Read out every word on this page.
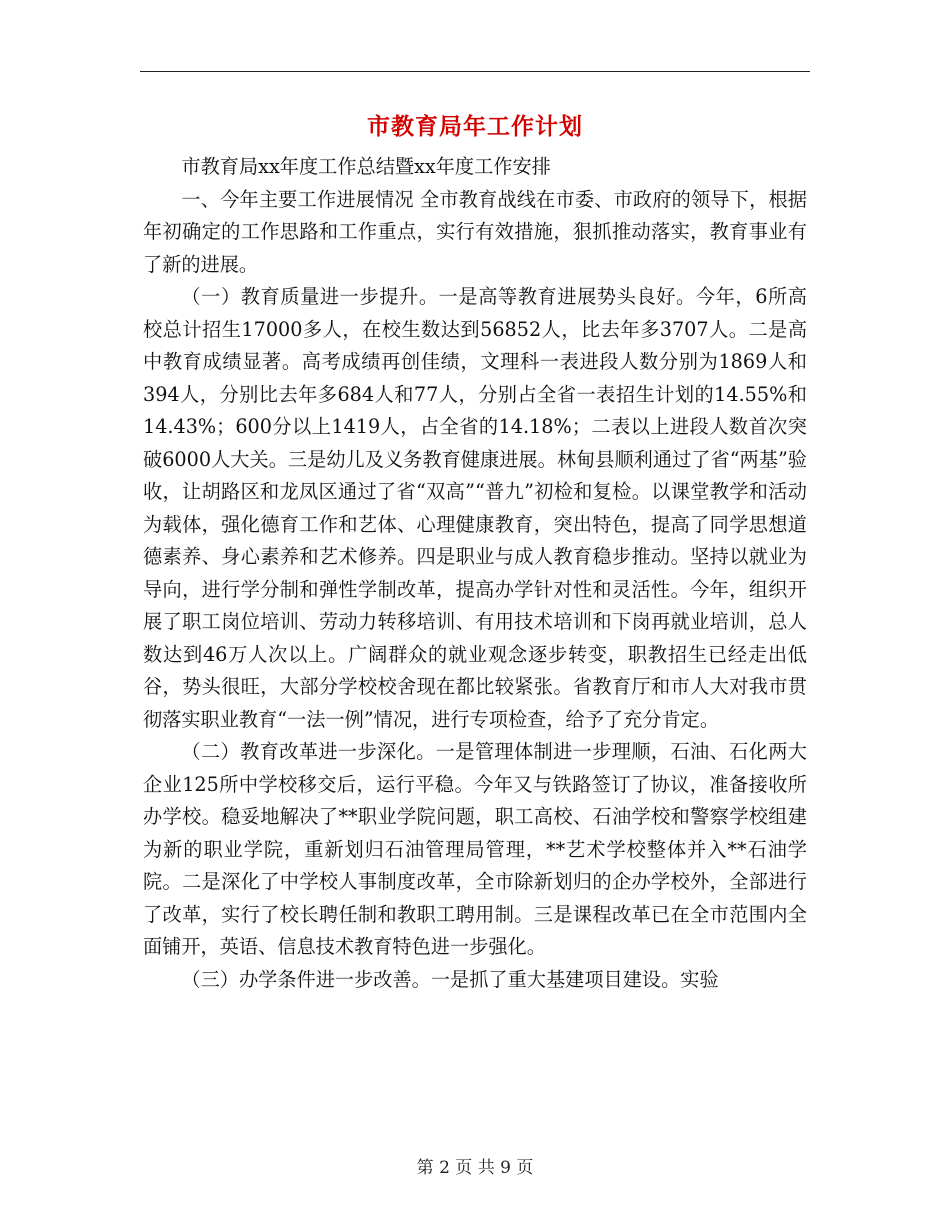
市教育局年工作计划

市教育局xx年度工作总结暨xx年度工作安排

一、今年主要工作进展情况 全市教育战线在市委、市政府的领导下，根据年初确定的工作思路和工作重点，实行有效措施，狠抓推动落实，教育事业有了新的进展。

（一）教育质量进一步提升。一是高等教育进展势头良好。今年，6所高校总计招生17000多人，在校生数达到56852人，比去年多3707人。二是高中教育成绩显著。高考成绩再创佳绩，文理科一表进段人数分别为1869人和394人，分别比去年多684人和77人，分别占全省一表招生计划的14.55%和14.43%；600分以上1419人，占全省的14.18%；二表以上进段人数首次突破6000人大关。三是幼儿及义务教育健康进展。林甸县顺利通过了省“两基”验收，让胡路区和龙凤区通过了省“双高”“普九”初检和复检。以课堂教学和活动为载体，强化德育工作和艺体、心理健康教育，突出特色，提高了同学思想道德素养、身心素养和艺术修养。四是职业与成人教育稳步推动。坚持以就业为导向，进行学分制和弹性学制改革，提高办学针对性和灵活性。今年，组织开展了职工岗位培训、劳动力转移培训、有用技术培训和下岗再就业培训，总人数达到46万人次以上。广阔群众的就业观念逐步转变，职教招生已经走出低谷，势头很旺，大部分学校校舍现在都比较紧张。省教育厅和市人大对我市贯彻落实职业教育“一法一例”情况，进行专项检查，给予了充分肯定。

（二）教育改革进一步深化。一是管理体制进一步理顺，石油、石化两大企业125所中学校移交后，运行平稳。今年又与铁路签订了协议，准备接收所办学校。稳妥地解决了**职业学院问题，职工高校、石油学校和警察学校组建为新的职业学院，重新划归石油管理局管理，**艺术学校整体并入**石油学院。二是深化了中学校人事制度改革，全市除新划归的企办学校外，全部进行了改革，实行了校长聘任制和教职工聘用制。三是课程改革已在全市范围内全面铺开，英语、信息技术教育特色进一步强化。

（三）办学条件进一步改善。一是抓了重大基建项目建设。实验

第 2 页 共 9 页
